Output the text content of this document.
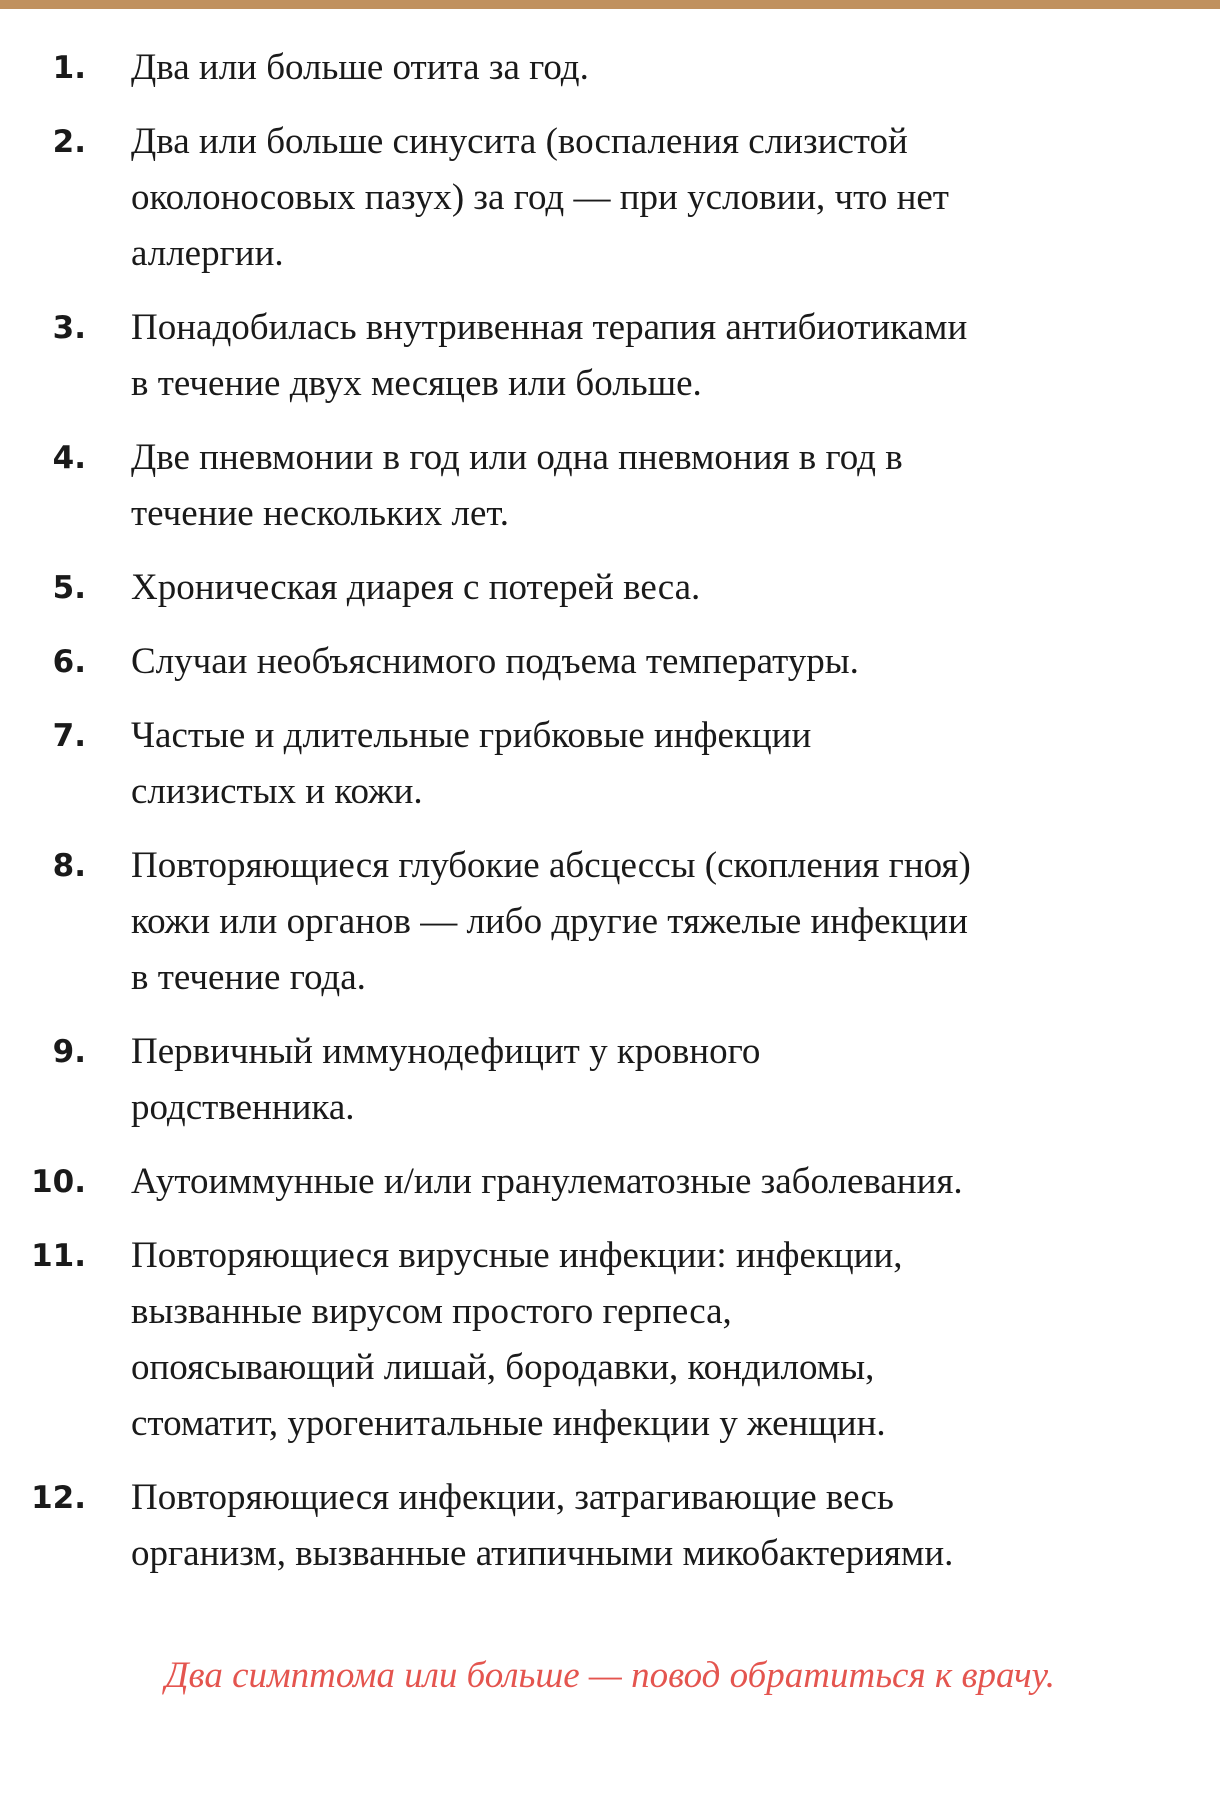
1. Два или больше отита за год.
2. Два или больше синусита (воспаления слизистой
околоносовых пазух) за год — при условии, что нет
аллергии.
3. Понадобилась внутривенная терапия антибиотиками
в течение двух месяцев или больше.
4. Две пневмонии в год или одна пневмония в год в
течение нескольких лет.
5. Хроническая диарея с потерей веса.
6. Случаи необъяснимого подъема температуры.
7. Частые и длительные грибковые инфекции
слизистых и кожи.
8. Повторяющиеся глубокие абсцессы (скопления гноя)
кожи или органов — либо другие тяжелые инфекции
в течение года.
9. Первичный иммунодефицит у кровного
родственника.
10. Аутоиммунные и/или гранулематозные заболевания.
11. Повторяющиеся вирусные инфекции: инфекции,
вызванные вирусом простого герпеса,
опоясывающий лишай, бородавки, кондиломы,
стоматит, урогенитальные инфекции у женщин.
12. Повторяющиеся инфекции, затрагивающие весь
организм, вызванные атипичными микобактериями.
Два симптома или больше — повод обратиться к врачу.
